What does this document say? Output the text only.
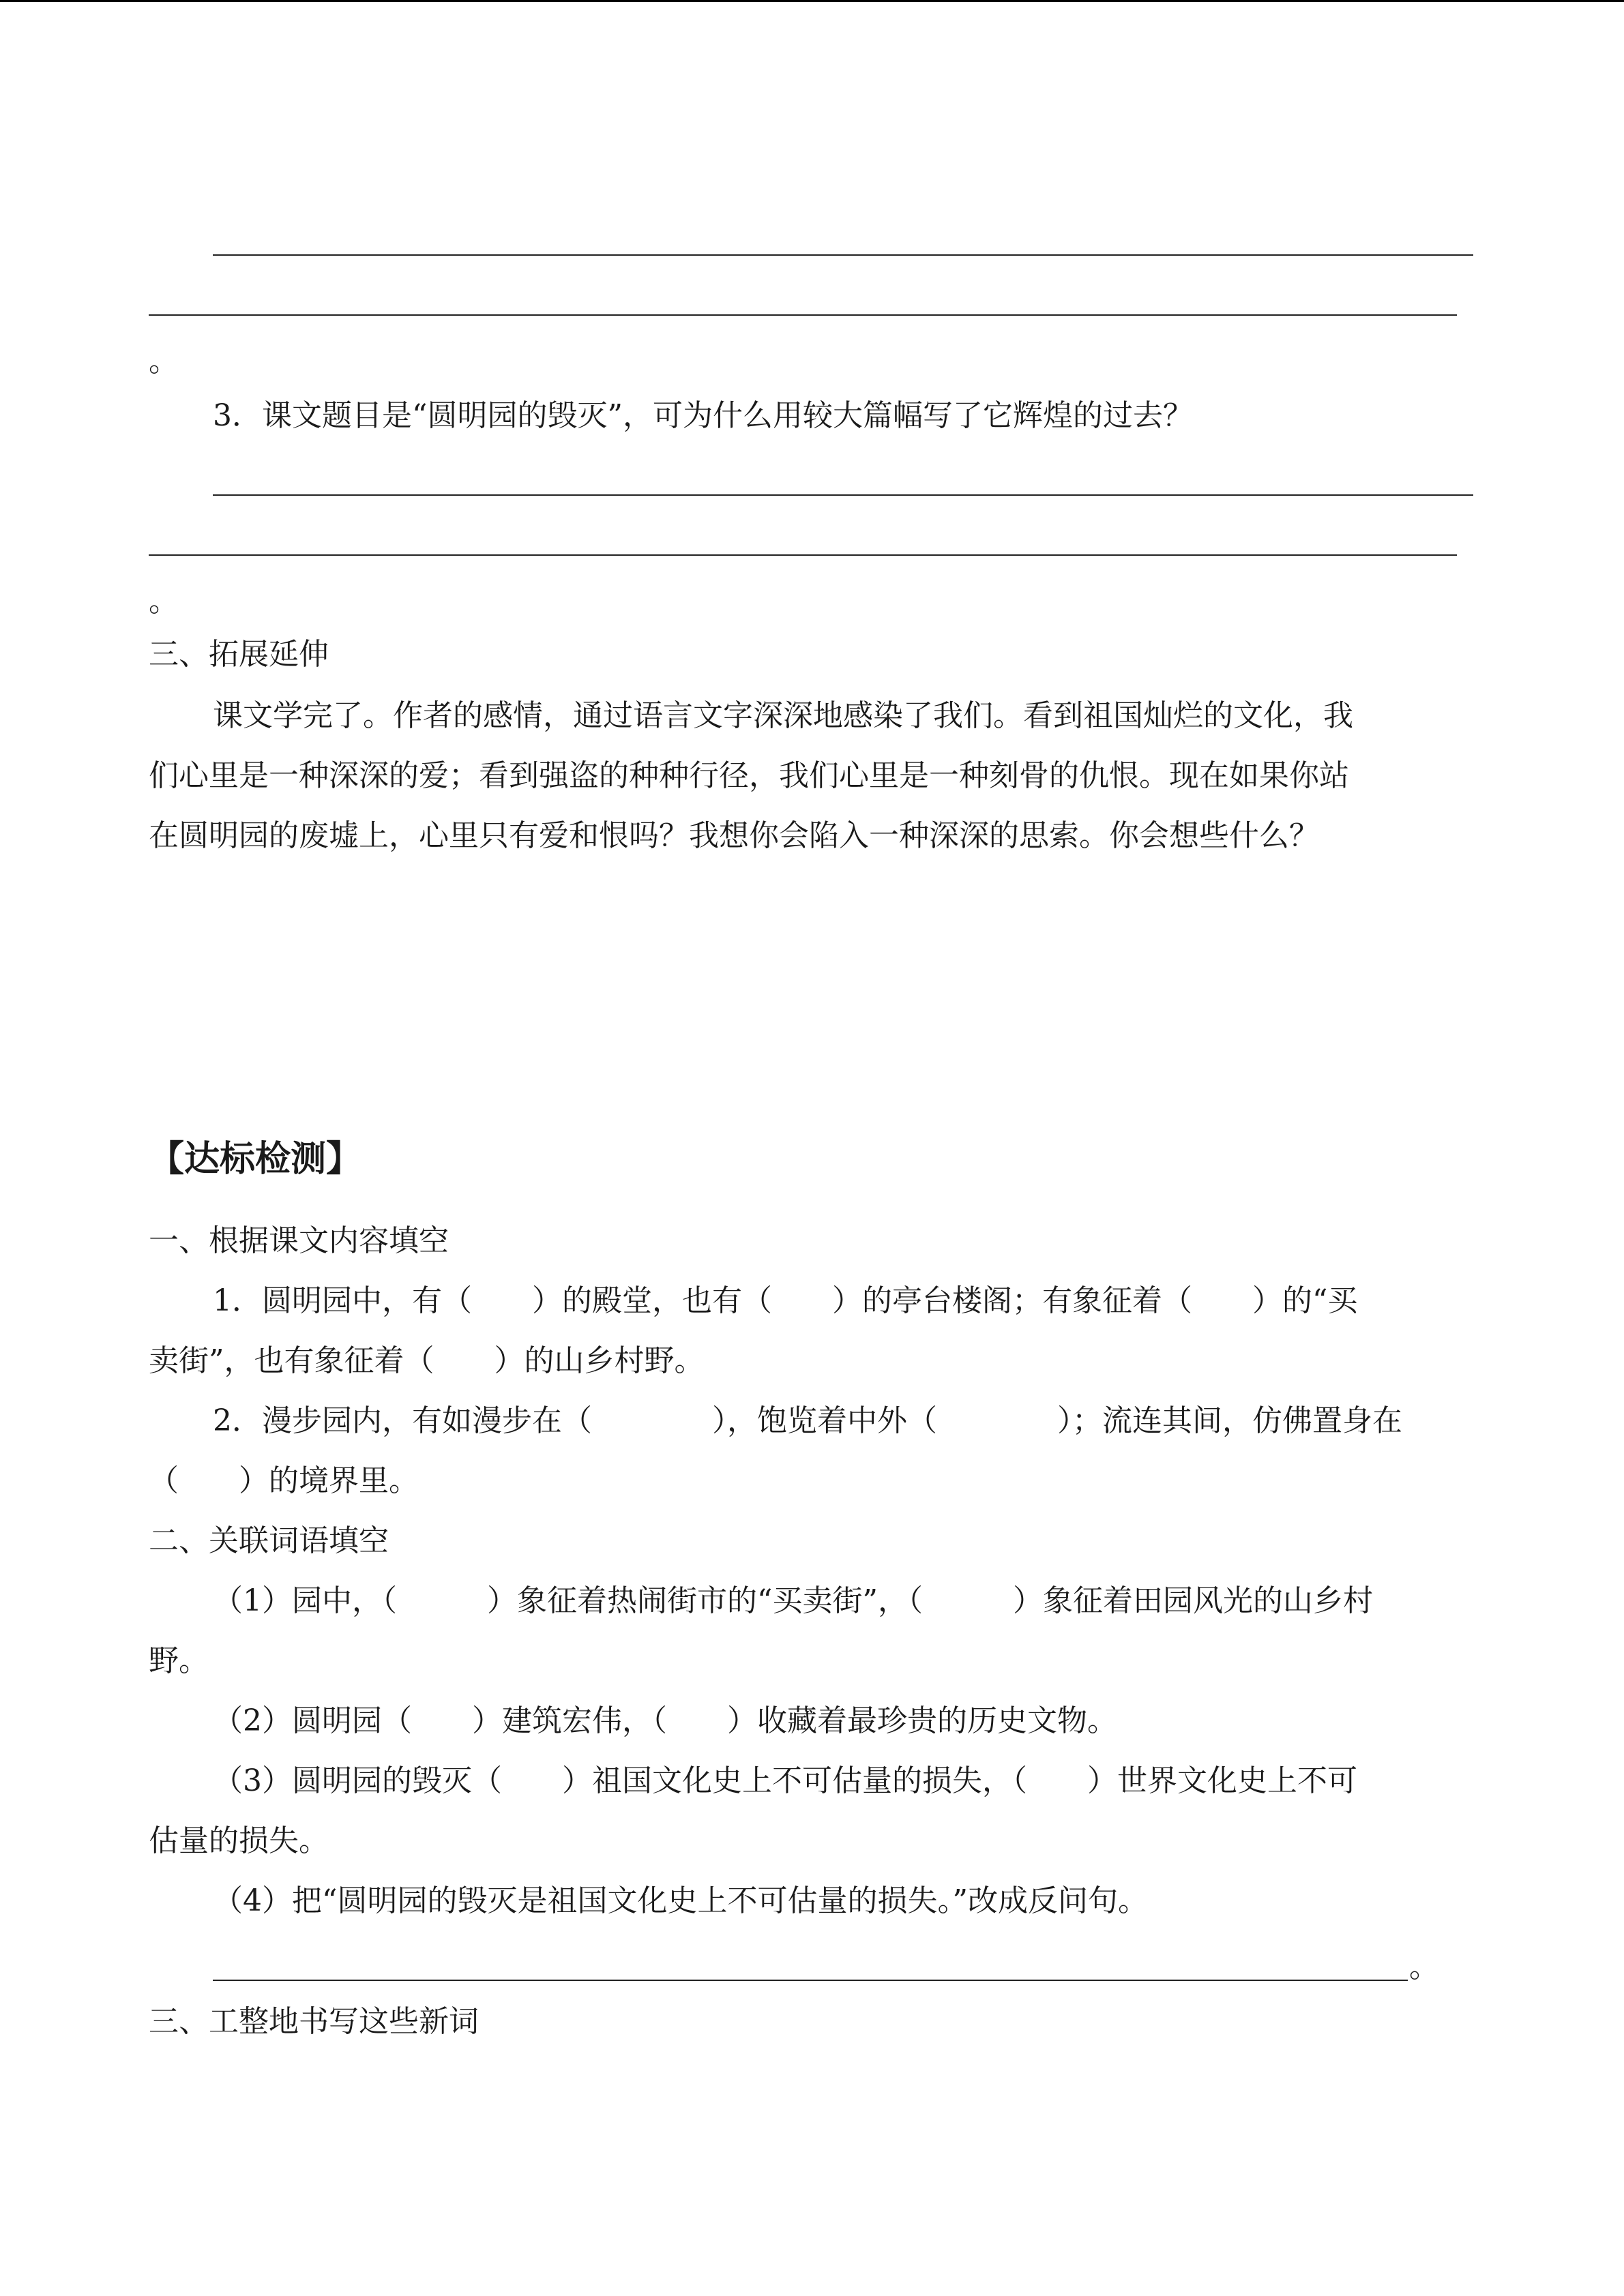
。
3．课文题目是“圆明园的毁灭”，可为什么用较大篇幅写了它辉煌的过去？
。
三、拓展延伸
课文学完了。作者的感情，通过语言文字深深地感染了我们。看到祖国灿烂的文化，我
们心里是一种深深的爱；看到强盗的种种行径，我们心里是一种刻骨的仇恨。现在如果你站
在圆明园的废墟上，心里只有爱和恨吗？我想你会陷入一种深深的思索。你会想些什么？
【达标检测】
一、根据课文内容填空
1．圆明园中，有（　　）的殿堂，也有（　　）的亭台楼阁；有象征着（　　）的“买
卖街”，也有象征着（　　）的山乡村野。
2．漫步园内，有如漫步在（　　　　），饱览着中外（　　　　）；流连其间，仿佛置身在
（　　）的境界里。
二、关联词语填空
（1）园中，（　　　）象征着热闹街市的“买卖街”，（　　　）象征着田园风光的山乡村
野。
（2）圆明园（　　）建筑宏伟，（　　）收藏着最珍贵的历史文物。
（3）圆明园的毁灭（　　）祖国文化史上不可估量的损失，（　　）世界文化史上不可
估量的损失。
（4）把“圆明园的毁灭是祖国文化史上不可估量的损失。”改成反问句。
。
三、工整地书写这些新词
